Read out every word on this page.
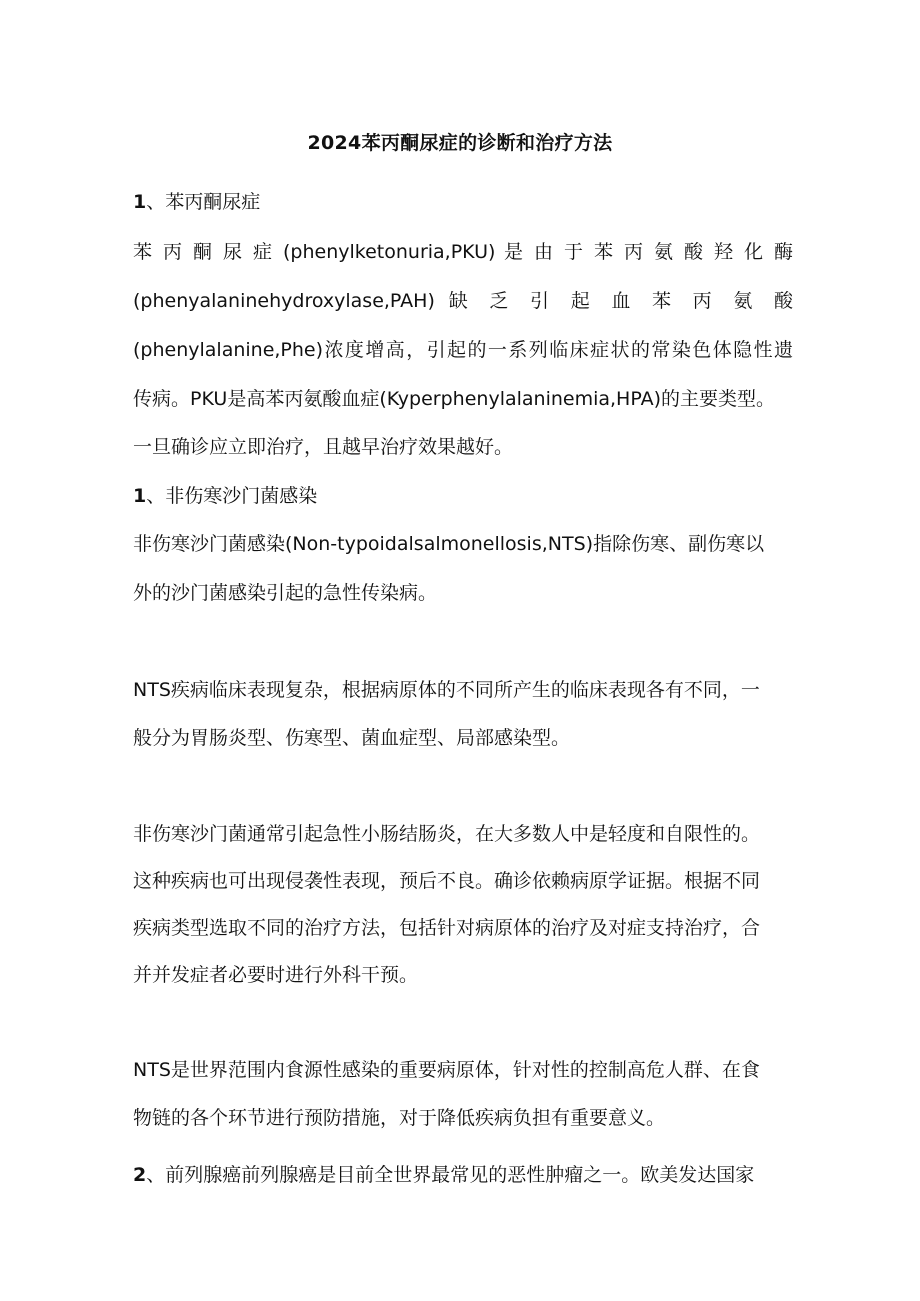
2024苯丙酮尿症的诊断和治疗方法
1、苯丙酮尿症
苯 丙 酮 尿 症 (phenylketonuria,PKU) 是 由 于 苯 丙 氨 酸 羟 化 酶
(phenyalaninehydroxylase,PAH) 缺 乏 引 起 血 苯 丙 氨 酸
(phenylalanine,Phe)浓度增高，引起的一系列临床症状的常染色体隐性遗
传病。PKU是高苯丙氨酸血症(Kyperphenylalaninemia,HPA)的主要类型。
一旦确诊应立即治疗，且越早治疗效果越好。
1、非伤寒沙门菌感染
非伤寒沙门菌感染(Non-typoidalsalmonellosis,NTS)指除伤寒、副伤寒以
外的沙门菌感染引起的急性传染病。
NTS疾病临床表现复杂，根据病原体的不同所产生的临床表现各有不同，一
般分为胃肠炎型、伤寒型、菌血症型、局部感染型。
非伤寒沙门菌通常引起急性小肠结肠炎，在大多数人中是轻度和自限性的。
这种疾病也可出现侵袭性表现，预后不良。确诊依赖病原学证据。根据不同
疾病类型选取不同的治疗方法，包括针对病原体的治疗及对症支持治疗，合
并并发症者必要时进行外科干预。
NTS是世界范围内食源性感染的重要病原体，针对性的控制高危人群、在食
物链的各个环节进行预防措施，对于降低疾病负担有重要意义。
2、前列腺癌前列腺癌是目前全世界最常见的恶性肿瘤之一。欧美发达国家
